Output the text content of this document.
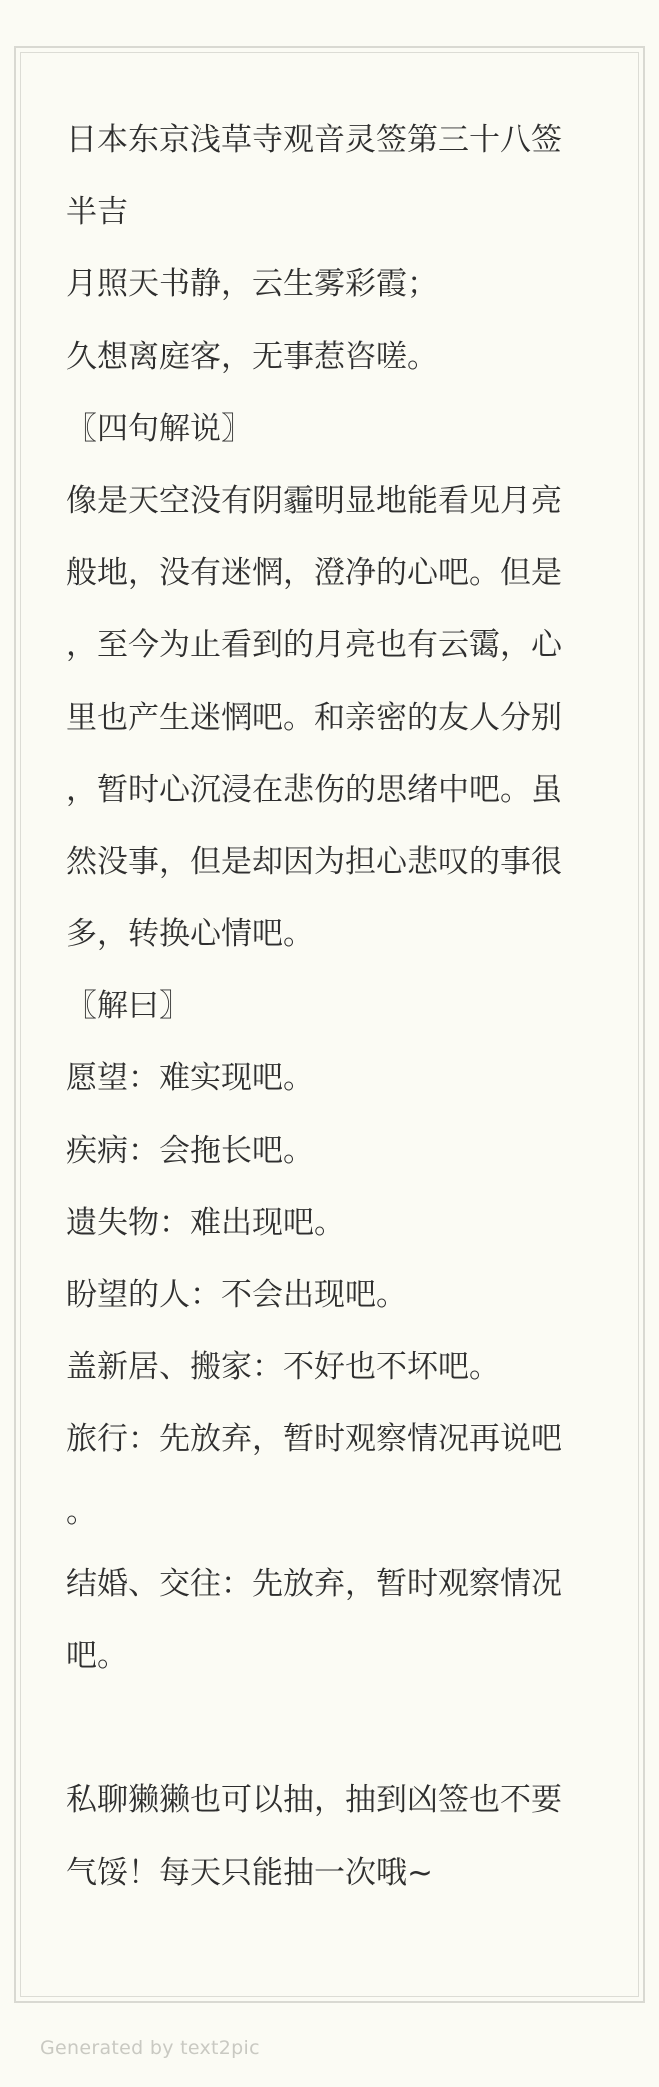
日本东京浅草寺观音灵签第三十八签
半吉
月照天书静，云生雾彩霞；
久想离庭客，无事惹咨嗟。
〖四句解说〗
像是天空没有阴霾明显地能看见月亮
般地，没有迷惘，澄净的心吧。但是
，至今为止看到的月亮也有云霭，心
里也产生迷惘吧。和亲密的友人分别
，暂时心沉浸在悲伤的思绪中吧。虽
然没事，但是却因为担心悲叹的事很
多，转换心情吧。
〖解曰〗
愿望：难实现吧。
疾病：会拖长吧。
遗失物：难出现吧。
盼望的人：不会出现吧。
盖新居、搬家：不好也不坏吧。
旅行：先放弃，暂时观察情况再说吧
。
结婚、交往：先放弃，暂时观察情况
吧。
私聊獭獭也可以抽，抽到凶签也不要
气馁！每天只能抽一次哦~
Generated by text2pic
